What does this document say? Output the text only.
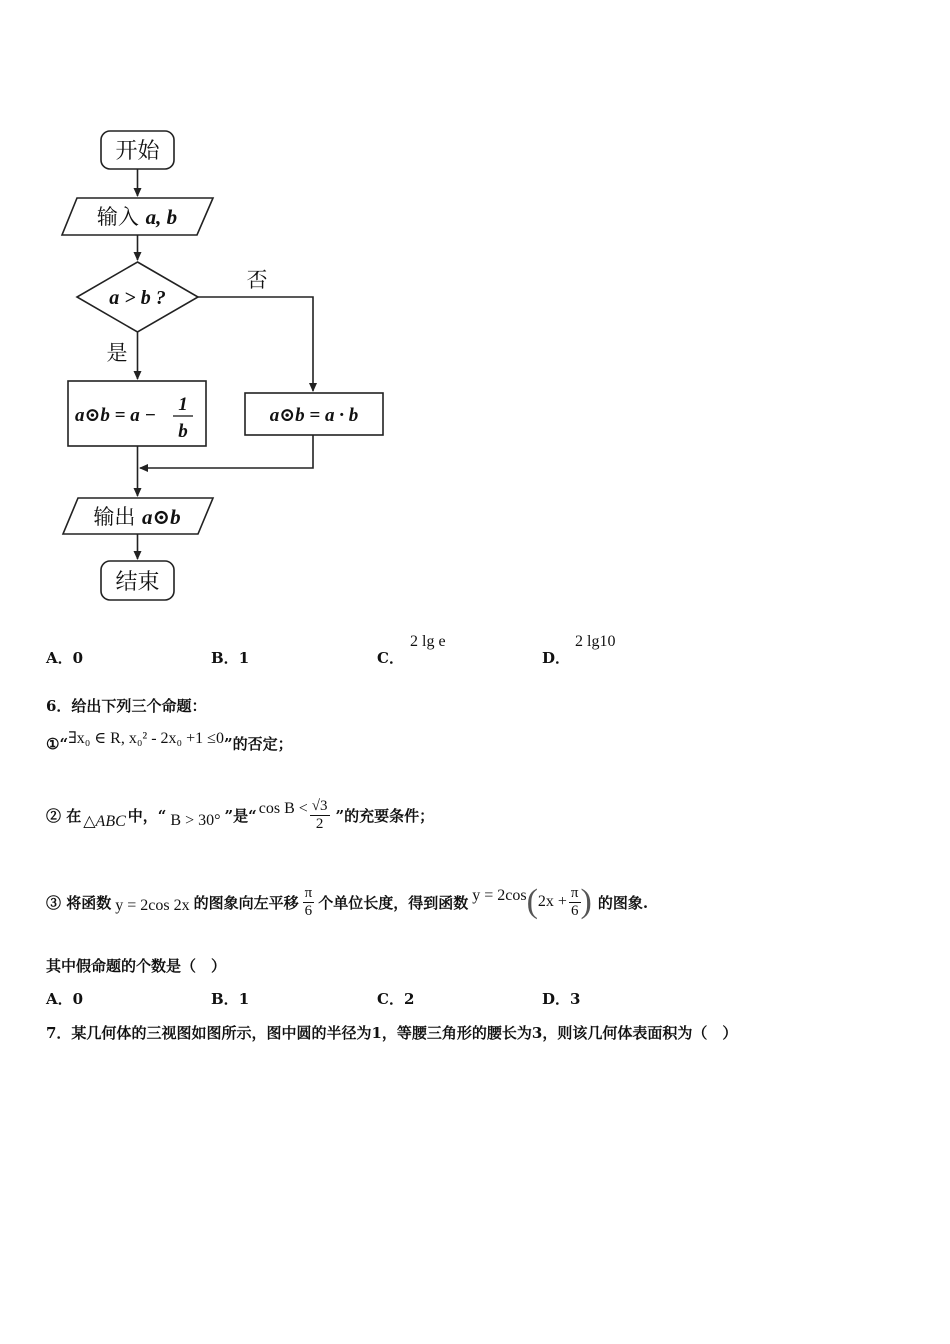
开始
输入 a, b
a > b ?
否
是
a⊙b = a −
1
b
a⊙b = a · b
输出 a⊙b
结束
A．0	B．1	C．
2 lg e
D．
2 lg10
6．给出下列三个命题：
①“∃x₀ ∈ R, x₀² - 2x₀ +1 ≤0”的否定；
② 在 △ABC 中，“ B > 30° ”是“ $\cos B < \frac{√3}{2}$ ”的充要条件；
③ 将函数 y = 2cos 2x 的图象向左平移 $\frac{\pi}{6}$ 个单位长度，得到函数 y = 2cos ( $2x + \frac{\pi}{6}$ ) 的图象.
其中假命题的个数是（　）
A．0	B．1	C．2	D．3
7．某几何体的三视图如图所示，图中圆的半径为1，等腰三角形的腰长为3，则该几何体表面积为（　）
